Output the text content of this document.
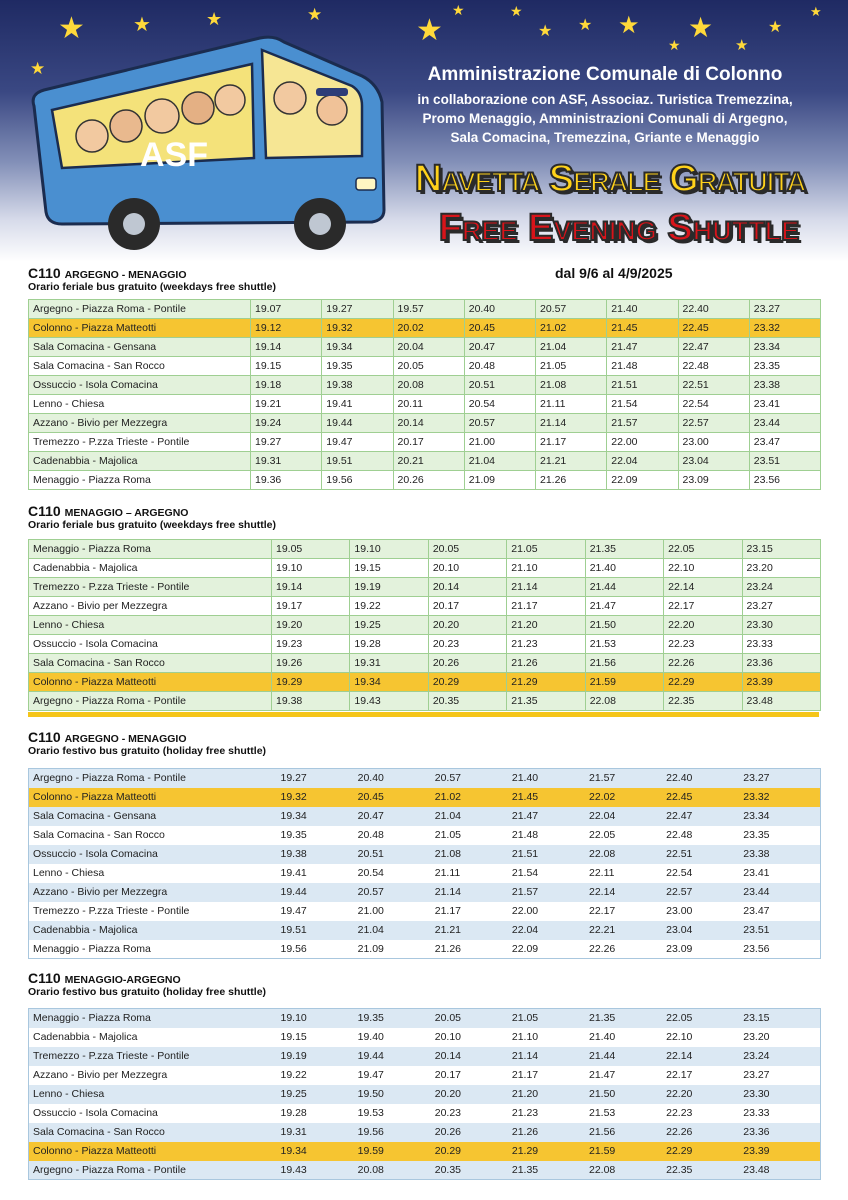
★ ★	★	★
★
★
★	★
★ ★ ★
★
★
★
★
★
ASF
Amministrazione Comunale di Colonno
in collaborazione con ASF, Associaz. Turistica Tremezzina,
Promo Menaggio, Amministrazioni Comunali di Argegno,
Sala Comacina, Tremezzina, Griante e Menaggio
Navetta Serale Gratuita
Free Evening Shuttle
dal 9/6 al 4/9/2025
C110 ARGEGNO - MENAGGIO
Orario feriale bus gratuito (weekdays free shuttle)
Argegno - Piazza Roma - Pontile	19.07	19.27	19.57	20.40	20.57	21.40	22.40	23.27
Colonno - Piazza Matteotti	19.12	19.32	20.02	20.45	21.02	21.45	22.45	23.32
Sala Comacina - Gensana	19.14	19.34	20.04	20.47	21.04	21.47	22.47	23.34
Sala Comacina - San Rocco	19.15	19.35	20.05	20.48	21.05	21.48	22.48	23.35
Ossuccio - Isola Comacina	19.18	19.38	20.08	20.51	21.08	21.51	22.51	23.38
Lenno - Chiesa	19.21	19.41	20.11	20.54	21.11	21.54	22.54	23.41
Azzano - Bivio per Mezzegra	19.24	19.44	20.14	20.57	21.14	21.57	22.57	23.44
Tremezzo - P.zza Trieste - Pontile	19.27	19.47	20.17	21.00	21.17	22.00	23.00	23.47
Cadenabbia - Majolica	19.31	19.51	20.21	21.04	21.21	22.04	23.04	23.51
Menaggio - Piazza Roma	19.36	19.56	20.26	21.09	21.26	22.09	23.09	23.56
C110 MENAGGIO – ARGEGNO
Orario feriale bus gratuito (weekdays free shuttle)
Menaggio - Piazza Roma	19.05	19.10	20.05	21.05	21.35	22.05	23.15
Cadenabbia - Majolica	19.10	19.15	20.10	21.10	21.40	22.10	23.20
Tremezzo - P.zza Trieste - Pontile	19.14	19.19	20.14	21.14	21.44	22.14	23.24
Azzano - Bivio per Mezzegra	19.17	19.22	20.17	21.17	21.47	22.17	23.27
Lenno - Chiesa	19.20	19.25	20.20	21.20	21.50	22.20	23.30
Ossuccio - Isola Comacina	19.23	19.28	20.23	21.23	21.53	22.23	23.33
Sala Comacina - San Rocco	19.26	19.31	20.26	21.26	21.56	22.26	23.36
Colonno - Piazza Matteotti	19.29	19.34	20.29	21.29	21.59	22.29	23.39
Argegno - Piazza Roma - Pontile	19.38	19.43	20.35	21.35	22.08	22.35	23.48
C110 ARGEGNO - MENAGGIO
Orario festivo bus gratuito (holiday free shuttle)
Argegno - Piazza Roma - Pontile	19.27	20.40	20.57	21.40	21.57	22.40	23.27
Colonno - Piazza Matteotti	19.32	20.45	21.02	21.45	22.02	22.45	23.32
Sala Comacina - Gensana	19.34	20.47	21.04	21.47	22.04	22.47	23.34
Sala Comacina - San Rocco	19.35	20.48	21.05	21.48	22.05	22.48	23.35
Ossuccio - Isola Comacina	19.38	20.51	21.08	21.51	22.08	22.51	23.38
Lenno - Chiesa	19.41	20.54	21.11	21.54	22.11	22.54	23.41
Azzano - Bivio per Mezzegra	19.44	20.57	21.14	21.57	22.14	22.57	23.44
Tremezzo - P.zza Trieste - Pontile	19.47	21.00	21.17	22.00	22.17	23.00	23.47
Cadenabbia - Majolica	19.51	21.04	21.21	22.04	22.21	23.04	23.51
Menaggio - Piazza Roma	19.56	21.09	21.26	22.09	22.26	23.09	23.56
C110 MENAGGIO-ARGEGNO
Orario festivo bus gratuito (holiday free shuttle)
Menaggio - Piazza Roma	19.10	19.35	20.05	21.05	21.35	22.05	23.15
Cadenabbia - Majolica	19.15	19.40	20.10	21.10	21.40	22.10	23.20
Tremezzo - P.zza Trieste - Pontile	19.19	19.44	20.14	21.14	21.44	22.14	23.24
Azzano - Bivio per Mezzegra	19.22	19.47	20.17	21.17	21.47	22.17	23.27
Lenno - Chiesa	19.25	19.50	20.20	21.20	21.50	22.20	23.30
Ossuccio - Isola Comacina	19.28	19.53	20.23	21.23	21.53	22.23	23.33
Sala Comacina - San Rocco	19.31	19.56	20.26	21.26	21.56	22.26	23.36
Colonno - Piazza Matteotti	19.34	19.59	20.29	21.29	21.59	22.29	23.39
Argegno - Piazza Roma - Pontile	19.43	20.08	20.35	21.35	22.08	22.35	23.48
